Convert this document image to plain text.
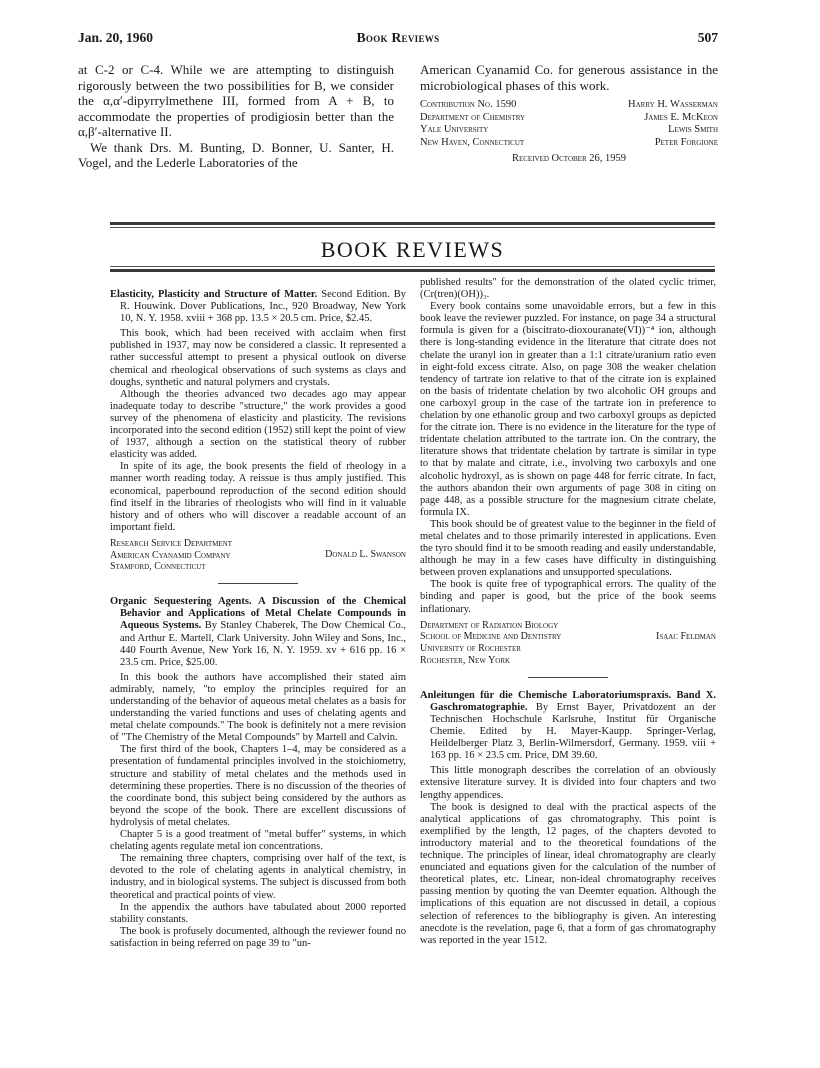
Jan. 20, 1960	Book Reviews	507

at C-2 or C-4. While we are attempting to distinguish rigorously between the two possibilities for B, we consider the α,α′-dipyrrylmethene III, formed from A + B, to accommodate the properties of prodigiosin better than the α,β′-alternative II.

We thank Drs. M. Bunting, D. Bonner, U. Santer, H. Vogel, and the Lederle Laboratories of the

American Cyanamid Co. for generous assistance in the microbiological phases of this work.

Contribution No. 1590
Department of Chemistry
Yale University
New Haven, Connecticut
Harry H. Wasserman
James E. McKeon
Lewis Smith
Peter Forgione
Received October 26, 1959
BOOK REVIEWS

Elasticity, Plasticity and Structure of Matter. Second Edition. By R. Houwink. Dover Publications, Inc., 920 Broadway, New York 10, N. Y. 1958. xviii + 368 pp. 13.5 × 20.5 cm. Price, $2.45.

This book, which had been received with acclaim when first published in 1937, may now be considered a classic. It represented a rather successful attempt to present a physical outlook on diverse chemical and rheological observations of such systems as clays and doughs, synthetic and natural polymers and crystals.

Although the theories advanced two decades ago may appear inadequate today to describe "structure," the work provides a good survey of the phenomena of elasticity and plasticity. The revisions incorporated into the second edition (1952) still kept the point of view of 1937, although a section on the statistical theory of rubber elasticity was added.

In spite of its age, the book presents the field of rheology in a manner worth reading today. A reissue is thus amply justified. This economical, paperbound reproduction of the second edition should find itself in the libraries of rheologists who will find in it valuable history and of others who will discover a readable account of an important field.

Research Service Department
American Cyanamid Company
Stamford, Connecticut
Donald L. Swanson

Organic Sequestering Agents. A Discussion of the Chemical Behavior and Applications of Metal Chelate Compounds in Aqueous Systems. By Stanley Chaberek, The Dow Chemical Co., and Arthur E. Martell, Clark University. John Wiley and Sons, Inc., 440 Fourth Avenue, New York 16, N. Y. 1959. xv + 616 pp. 16 × 23.5 cm. Price, $25.00.

In this book the authors have accomplished their stated aim admirably, namely, "to employ the principles required for an understanding of the behavior of aqueous metal chelates as a basis for understanding the varied functions and uses of chelating agents and metal chelate compounds." The book is definitely not a mere revision of "The Chemistry of the Metal Compounds" by Martell and Calvin.

The first third of the book, Chapters 1–4, may be considered as a presentation of fundamental principles involved in the stoichiometry, structure and stability of metal chelates and the methods used in determining these properties. There is no discussion of the theories of the coordinate bond, this subject being considered by the authors as beyond the scope of the book. There are excellent discussions of hydrolysis of metal chelates.

Chapter 5 is a good treatment of "metal buffer" systems, in which chelating agents regulate metal ion concentrations.

The remaining three chapters, comprising over half of the text, is devoted to the role of chelating agents in analytical chemistry, in industry, and in biological systems. The subject is discussed from both theoretical and practical points of view.

In the appendix the authors have tabulated about 2000 reported stability constants.

The book is profusely documented, although the reviewer found no satisfaction in being referred on page 39 to "un-

published results" for the demonstration of the olated cyclic trimer, (Cr(tren)(OH))₃.

Every book contains some unavoidable errors, but a few in this book leave the reviewer puzzled. For instance, on page 34 a structural formula is given for a (biscitrato-dioxouranate(VI))⁻⁴ ion, although there is long-standing evidence in the literature that citrate does not chelate the uranyl ion in greater than a 1:1 citrate/uranium ratio even in eight-fold excess citrate. Also, on page 308 the weaker chelation tendency of tartrate ion relative to that of the citrate ion is explained on the basis of tridentate chelation by two alcoholic OH groups and one carboxyl group in the case of the tartrate ion in preference to chelation by one ethanolic group and two carboxyl groups as depicted for the citrate ion. There is no evidence in the literature for the type of tridentate chelation attributed to the tartrate ion. On the contrary, the literature shows that tridentate chelation by tartrate is similar in type to that by malate and citrate, i.e., involving two carboxyls and one alcoholic hydroxyl, as is shown on page 448 for ferric citrate. In fact, the authors abandon their own arguments of page 308 in citing on page 448, as a possible structure for the magnesium citrate chelate, formula IX.

This book should be of greatest value to the beginner in the field of metal chelates and to those primarily interested in applications. Even the tyro should find it to be smooth reading and easily understandable, although he may in a few cases have difficulty in distinguishing between proven explanations and unsupported speculations.

The book is quite free of typographical errors. The quality of the binding and paper is good, but the price of the book seems inflationary.

Department of Radiation Biology
School of Medicine and Dentistry
University of Rochester
Rochester, New York
Isaac Feldman

Anleitungen für die Chemische Laboratoriumspraxis. Band X. Gaschromatographie. By Ernst Bayer, Privatdozent an der Technischen Hochschule Karlsruhe, Institut für Organische Chemie. Edited by H. Mayer-Kaupp. Springer-Verlag, Heildelberger Platz 3, Berlin-Wilmersdorf, Germany. 1959. viii + 163 pp. 16 × 23.5 cm. Price, DM 39.60.

This little monograph describes the correlation of an obviously extensive literature survey. It is divided into four chapters and two lengthy appendices.

The book is designed to deal with the practical aspects of the analytical applications of gas chromatography. This point is exemplified by the length, 12 pages, of the chapters devoted to introductory material and to the theoretical foundations of the technique. The principles of linear, ideal chromatography are clearly enunciated and equations given for the calculation of the number of theoretical plates, etc. Linear, non-ideal chromatography receives passing mention by quoting the van Deemter equation. Although the implications of this equation are not discussed in detail, a copious selection of references to the bibliography is given. An interesting anecdote is the revelation, page 6, that a form of gas chromatography was reported in the year 1512.
